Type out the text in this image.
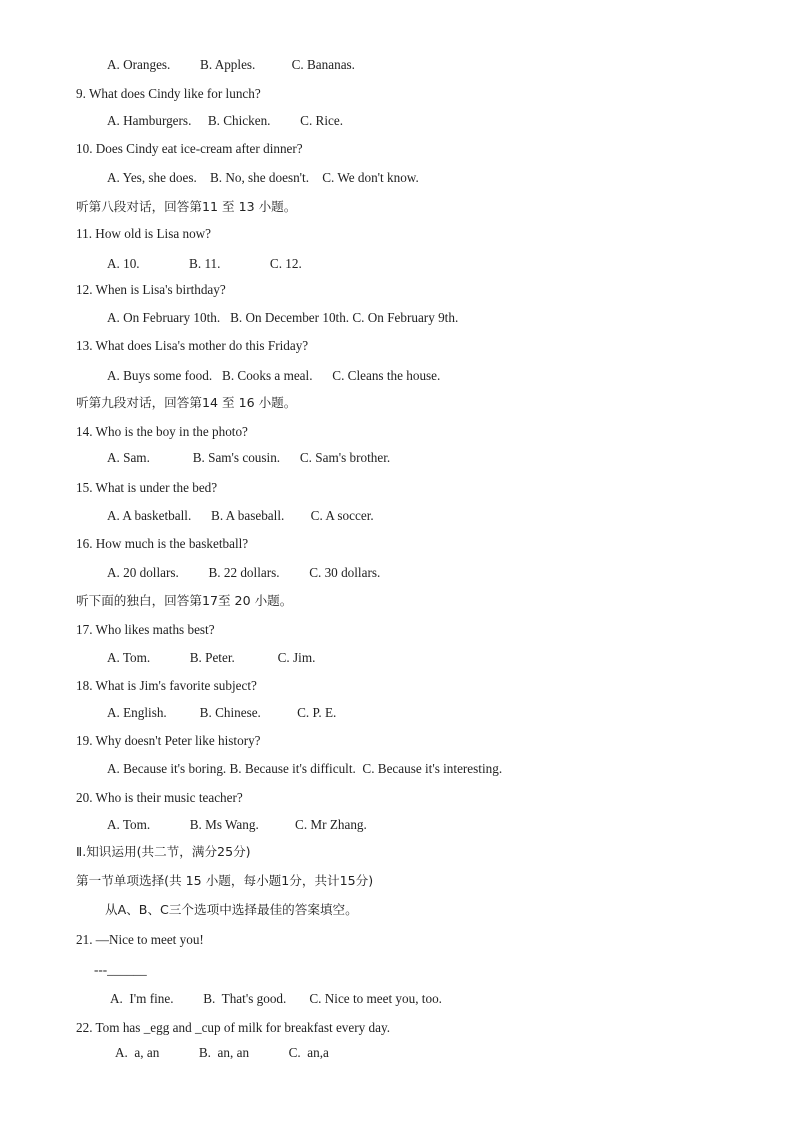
A. Oranges.         B. Apples.           C. Bananas.
9. What does Cindy like for lunch?
A. Hamburgers.     B. Chicken.         C. Rice.
10. Does Cindy eat ice-cream after dinner?
A. Yes, she does.    B. No, she doesn't.    C. We don't know.
听第八段对话，回答第11 至 13 小题。
11. How old is Lisa now?
A. 10.               B. 11.               C. 12.
12. When is Lisa's birthday?
A. On February 10th.   B. On December 10th. C. On February 9th.
13. What does Lisa's mother do this Friday?
A. Buys some food.   B. Cooks a meal.      C. Cleans the house.
听第九段对话，回答第14 至 16 小题。
14. Who is the boy in the photo?
A. Sam.             B. Sam's cousin.      C. Sam's brother.
15. What is under the bed?
A. A basketball.      B. A baseball.        C. A soccer.
16. How much is the basketball?
A. 20 dollars.         B. 22 dollars.         C. 30 dollars.
听下面的独白，回答第17至 20 小题。
17. Who likes maths best?
A. Tom.            B. Peter.             C. Jim.
18. What is Jim's favorite subject?
A. English.          B. Chinese.           C. P. E.
19. Why doesn't Peter like history?
A. Because it's boring. B. Because it's difficult.  C. Because it's interesting.
20. Who is their music teacher?
A. Tom.            B. Ms Wang.           C. Mr Zhang.
Ⅱ.知识运用(共二节，满分25分)
第一节单项选择(共 15 小题，每小题1分，共计15分)
从A、B、C三个选项中选择最佳的答案填空。
21. —Nice to meet you!
---______
A.  I'm fine.         B.  That's good.       C. Nice to meet you, too.
22. Tom has _egg and _cup of milk for breakfast every day.
A.  a, an            B.  an, an            C.  an,a
